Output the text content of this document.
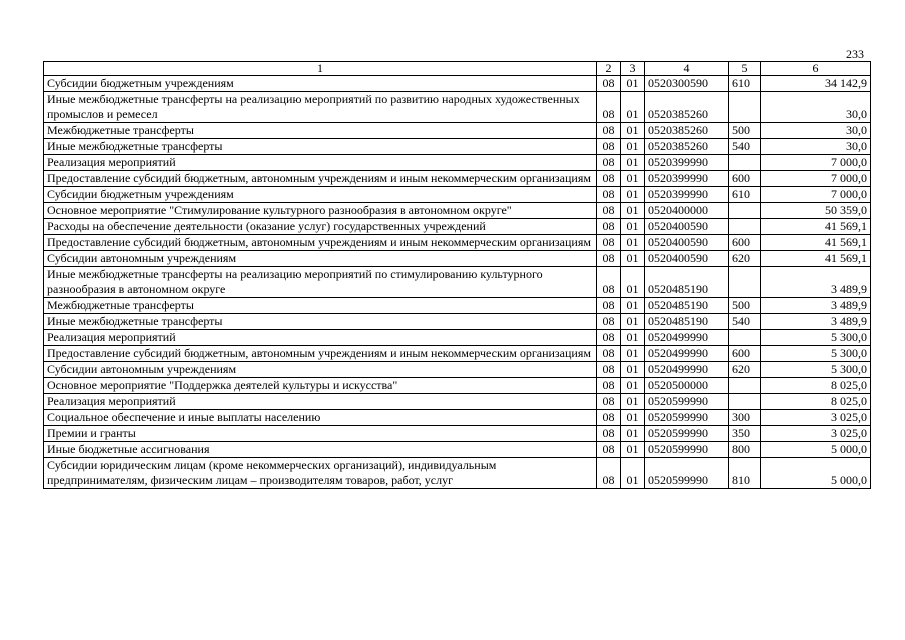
233
1	2	3	4	5	6
Субсидии бюджетным учреждениям	08	01	0520300590	610	34 142,9
Иные межбюджетные трансферты на реализацию мероприятий по развитию народных художественных промыслов и ремесел	08	01	0520385260		30,0
Межбюджетные трансферты	08	01	0520385260	500	30,0
Иные межбюджетные трансферты	08	01	0520385260	540	30,0
Реализация мероприятий	08	01	0520399990		7 000,0
Предоставление субсидий бюджетным, автономным учреждениям и иным некоммерческим организациям	08	01	0520399990	600	7 000,0
Субсидии бюджетным учреждениям	08	01	0520399990	610	7 000,0
Основное мероприятие "Стимулирование культурного разнообразия в автономном округе"	08	01	0520400000		50 359,0
Расходы на обеспечение деятельности (оказание услуг) государственных учреждений	08	01	0520400590		41 569,1
Предоставление субсидий бюджетным, автономным учреждениям и иным некоммерческим организациям	08	01	0520400590	600	41 569,1
Субсидии автономным учреждениям	08	01	0520400590	620	41 569,1
Иные межбюджетные трансферты на реализацию мероприятий по стимулированию культурного разнообразия в автономном округе	08	01	0520485190		3 489,9
Межбюджетные трансферты	08	01	0520485190	500	3 489,9
Иные межбюджетные трансферты	08	01	0520485190	540	3 489,9
Реализация мероприятий	08	01	0520499990		5 300,0
Предоставление субсидий бюджетным, автономным учреждениям и иным некоммерческим организациям	08	01	0520499990	600	5 300,0
Субсидии автономным учреждениям	08	01	0520499990	620	5 300,0
Основное мероприятие "Поддержка деятелей культуры и искусства"	08	01	0520500000		8 025,0
Реализация мероприятий	08	01	0520599990		8 025,0
Социальное обеспечение и иные выплаты населению	08	01	0520599990	300	3 025,0
Премии и гранты	08	01	0520599990	350	3 025,0
Иные бюджетные ассигнования	08	01	0520599990	800	5 000,0
Субсидии юридическим лицам (кроме некоммерческих организаций), индивидуальным предпринимателям, физическим лицам – производителям товаров, работ, услуг	08	01	0520599990	810	5 000,0
